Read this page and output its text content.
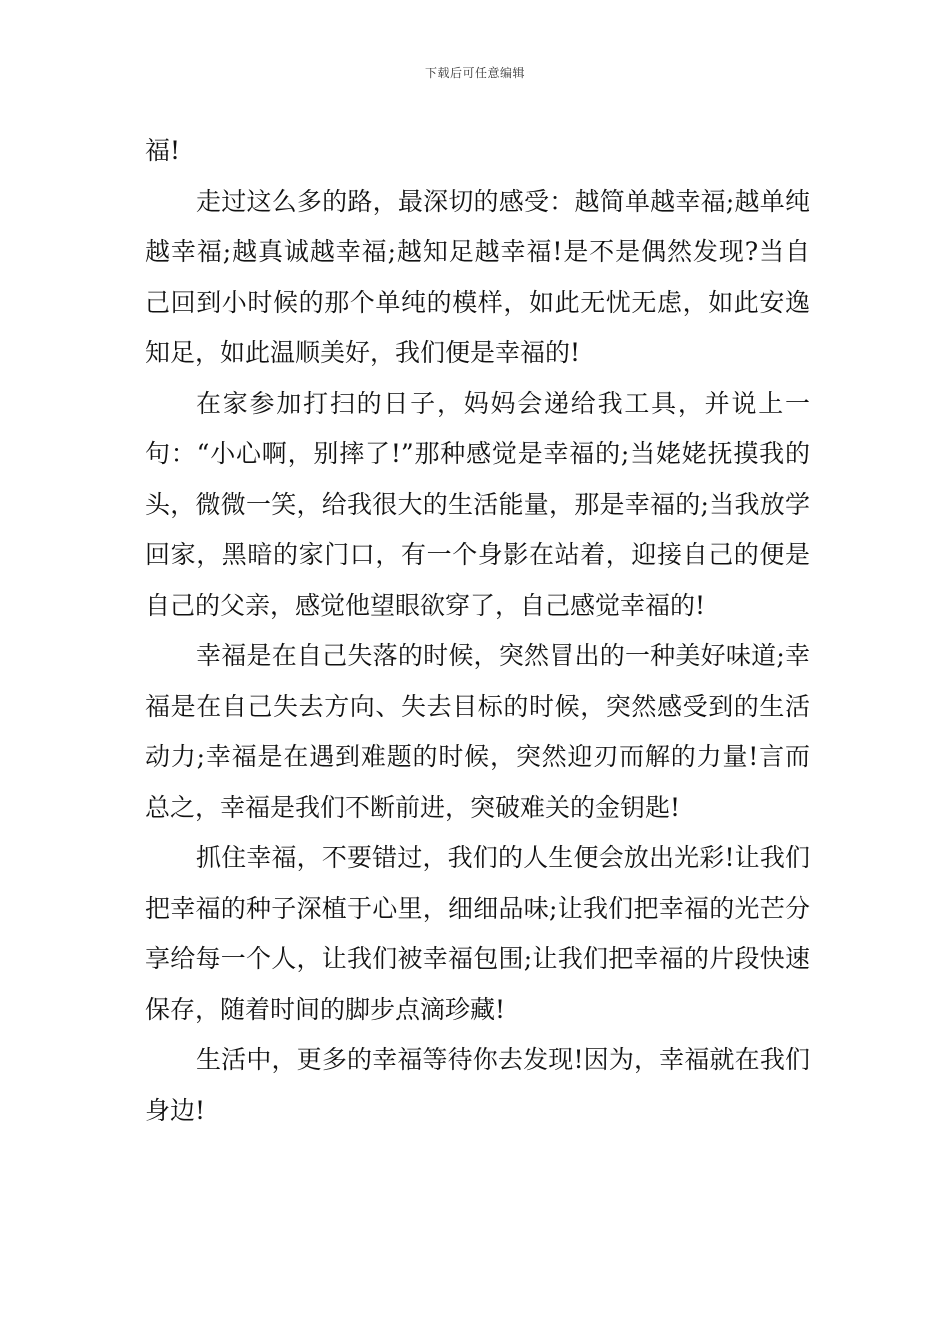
下载后可任意编辑

福!

走过这么多的路，最深切的感受：越简单越幸福;越单纯越幸福;越真诚越幸福;越知足越幸福!是不是偶然发现?当自己回到小时候的那个单纯的模样，如此无忧无虑，如此安逸知足，如此温顺美好，我们便是幸福的!

在家参加打扫的日子，妈妈会递给我工具，并说上一句：“小心啊，别摔了!”那种感觉是幸福的;当姥姥抚摸我的头，微微一笑，给我很大的生活能量，那是幸福的;当我放学回家，黑暗的家门口，有一个身影在站着，迎接自己的便是自己的父亲，感觉他望眼欲穿了，自己感觉幸福的!

幸福是在自己失落的时候，突然冒出的一种美好味道;幸福是在自己失去方向、失去目标的时候，突然感受到的生活动力;幸福是在遇到难题的时候，突然迎刃而解的力量!言而总之，幸福是我们不断前进，突破难关的金钥匙!

抓住幸福，不要错过，我们的人生便会放出光彩!让我们把幸福的种子深植于心里，细细品味;让我们把幸福的光芒分享给每一个人，让我们被幸福包围;让我们把幸福的片段快速保存，随着时间的脚步点滴珍藏!

生活中，更多的幸福等待你去发现!因为，幸福就在我们身边!
